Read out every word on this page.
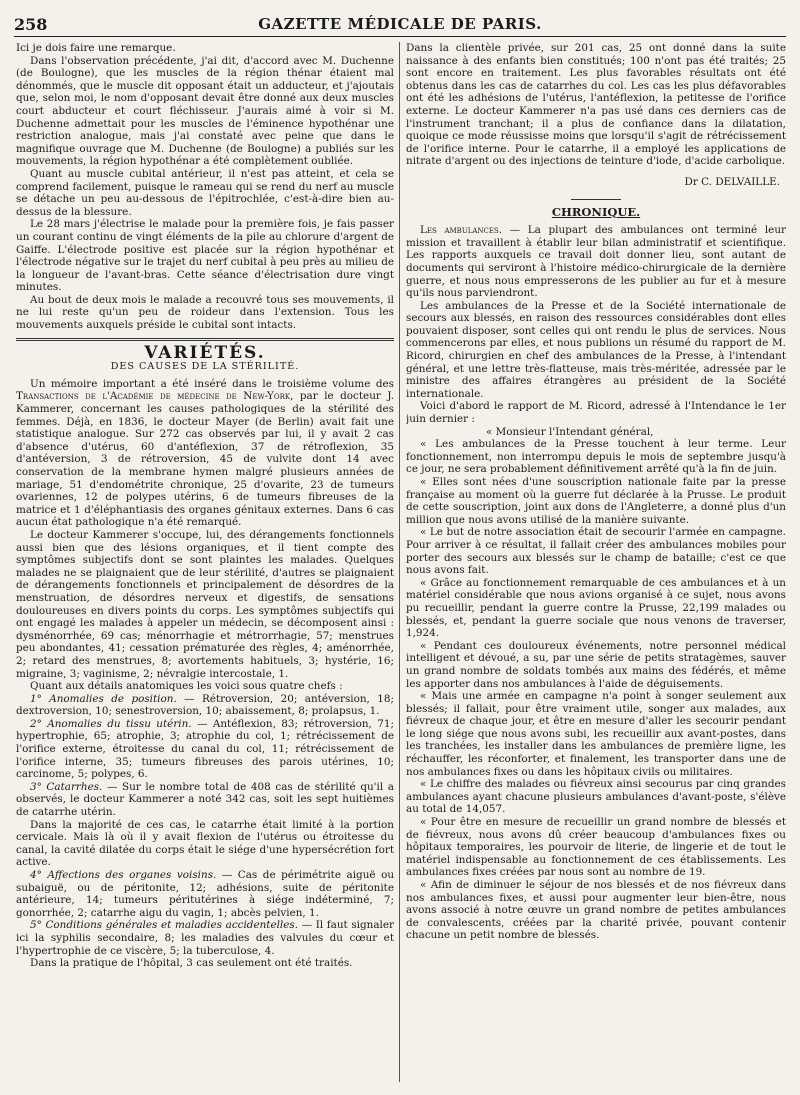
258	GAZETTE MÉDICALE DE PARIS.

Ici je dois faire une remarque.

Dans l'observation précédente, j'ai dit, d'accord avec M. Duchenne (de Boulogne), que les muscles de la région thénar étaient mal dénommés, que le muscle dit opposant était un adducteur, et j'ajoutais que, selon moi, le nom d'opposant devait être donné aux deux muscles court abducteur et court fléchisseur. J'aurais aimé à voir si M. Duchenne admettait pour les muscles de l'éminence hypothénar une restriction analogue, mais j'ai constaté avec peine que dans le magnifique ouvrage que M. Duchenne (de Boulogne) a publiés sur les mouvements, la région hypothénar a été complètement oubliée.

Quant au muscle cubital antérieur, il n'est pas atteint, et cela se comprend facilement, puisque le rameau qui se rend du nerf au muscle se détache un peu au-dessous de l'épitrochlée, c'est-à-dire bien au-dessus de la blessure.

Le 28 mars j'électrise le malade pour la première fois, je fais passer un courant continu de vingt éléments de la pile au chlorure d'argent de Gaiffe. L'électrode positive est placée sur la région hypothénar et l'électrode négative sur le trajet du nerf cubital à peu près au milieu de la longueur de l'avant-bras. Cette séance d'électrisation dure vingt minutes.

Au bout de deux mois le malade a recouvré tous ses mouvements, il ne lui reste qu'un peu de roideur dans l'extension. Tous les mouvements auxquels préside le cubital sont intacts.

VARIÉTÉS.
DES CAUSES DE LA STÉRILITÉ.

Un mémoire important a été inséré dans le troisième volume des Transactions de l'Académie de médecine de New-York, par le docteur J. Kammerer, concernant les causes pathologiques de la stérilité des femmes. Déjà, en 1836, le docteur Mayer (de Berlin) avait fait une statistique analogue. Sur 272 cas observés par lui, il y avait 2 cas d'absence d'utérus, 60 d'antéflexion, 37 de rétroflexion, 35 d'antéversion, 3 de rétroversion, 45 de vulvite dont 14 avec conservation de la membrane hymen malgré plusieurs années de mariage, 51 d'endométrite chronique, 25 d'ovarite, 23 de tumeurs ovariennes, 12 de polypes utérins, 6 de tumeurs fibreuses de la matrice et 1 d'éléphantiasis des organes génitaux externes. Dans 6 cas aucun état pathologique n'a été remarqué.

Le docteur Kammerer s'occupe, lui, des dérangements fonctionnels aussi bien que des lésions organiques, et il tient compte des symptômes subjectifs dont se sont plaintes les malades. Quelques malades ne se plaignaient que de leur stérilité, d'autres se plaignaient de dérangements fonctionnels et principalement de désordres de la menstruation, de désordres nerveux et digestifs, de sensations douloureuses en divers points du corps. Les symptômes subjectifs qui ont engagé les malades à appeler un médecin, se décomposent ainsi : dysménorrhée, 69 cas; ménorrhagie et métrorrhagie, 57; menstrues peu abondantes, 41; cessation prématurée des règles, 4; aménorrhée, 2; retard des menstrues, 8; avortements habituels, 3; hystérie, 16; migraine, 3; vaginisme, 2; névralgie intercostale, 1.

Quant aux détails anatomiques les voici sous quatre chefs :

1° Anomalies de position. — Rétroversion, 20; antéversion, 18; dextroversion, 10; senestroversion, 10; abaissement, 8; prolapsus, 1.

2° Anomalies du tissu utérin. — Antéflexion, 83; rétroversion, 71; hypertrophie, 65; atrophie, 3; atrophie du col, 1; rétrécissement de l'orifice externe, étroitesse du canal du col, 11; rétrécissement de l'orifice interne, 35; tumeurs fibreuses des parois utérines, 10; carcinome, 5; polypes, 6.

3° Catarrhes. — Sur le nombre total de 408 cas de stérilité qu'il a observés, le docteur Kammerer a noté 342 cas, soit les sept huitièmes de catarrhe utérin.

Dans la majorité de ces cas, le catarrhe était limité à la portion cervicale. Mais là où il y avait flexion de l'utérus ou étroitesse du canal, la cavité dilatée du corps était le siége d'une hypersécrétion fort active.

4° Affections des organes voisins. — Cas de périmétrite aiguë ou subaiguë, ou de péritonite, 12; adhésions, suite de péritonite antérieure, 14; tumeurs péritutérines à siége indéterminé, 7; gonorrhée, 2; catarrhe aigu du vagin, 1; abcès pelvien, 1.

5° Conditions générales et maladies accidentelles. — Il faut signaler ici la syphilis secondaire, 8; les maladies des valvules du cœur et l'hypertrophie de ce viscère, 5; la tuberculose, 4.

Dans la pratique de l'hôpital, 3 cas seulement ont été traités.

Dans la clientèle privée, sur 201 cas, 25 ont donné dans la suite naissance à des enfants bien constitués; 100 n'ont pas été traités; 25 sont encore en traitement. Les plus favorables résultats ont été obtenus dans les cas de catarrhes du col. Les cas les plus défavorables ont été les adhésions de l'utérus, l'antéflexion, la petitesse de l'orifice externe. Le docteur Kammerer n'a pas usé dans ces derniers cas de l'instrument tranchant; il a plus de confiance dans la dilatation, quoique ce mode réussisse moins que lorsqu'il s'agit de rétrécissement de l'orifice interne. Pour le catarrhe, il a employé les applications de nitrate d'argent ou des injections de teinture d'iode, d'acide carbolique.

Dr C. DELVAILLE.
CHRONIQUE.

Les ambulances. — La plupart des ambulances ont terminé leur mission et travaillent à établir leur bilan administratif et scientifique. Les rapports auxquels ce travail doit donner lieu, sont autant de documents qui serviront à l'histoire médico-chirurgicale de la dernière guerre, et nous nous empresserons de les publier au fur et à mesure qu'ils nous parviendront.

Les ambulances de la Presse et de la Société internationale de secours aux blessés, en raison des ressources considérables dont elles pouvaient disposer, sont celles qui ont rendu le plus de services. Nous commencerons par elles, et nous publions un résumé du rapport de M. Ricord, chirurgien en chef des ambulances de la Presse, à l'intendant général, et une lettre très-flatteuse, mais très-méritée, adressée par le ministre des affaires étrangères au président de la Société internationale.

Voici d'abord le rapport de M. Ricord, adressé à l'Intendance le 1er juin dernier :

« Monsieur l'Intendant général,

« Les ambulances de la Presse touchent à leur terme. Leur fonctionnement, non interrompu depuis le mois de septembre jusqu'à ce jour, ne sera probablement définitivement arrêté qu'à la fin de juin.

« Elles sont nées d'une souscription nationale faite par la presse française au moment où la guerre fut déclarée à la Prusse. Le produit de cette souscription, joint aux dons de l'Angleterre, a donné plus d'un million que nous avons utilisé de la manière suivante.

« Le but de notre association était de secourir l'armée en campagne. Pour arriver à ce résultat, il fallait créer des ambulances mobiles pour porter des secours aux blessés sur le champ de bataille; c'est ce que nous avons fait.

« Grâce au fonctionnement remarquable de ces ambulances et à un matériel considérable que nous avions organisé à ce sujet, nous avons pu recueillir, pendant la guerre contre la Prusse, 22,199 malades ou blessés, et, pendant la guerre sociale que nous venons de traverser, 1,924.

« Pendant ces douloureux événements, notre personnel médical intelligent et dévoué, a su, par une série de petits stratagèmes, sauver un grand nombre de soldats tombés aux mains des fédérés, et même les apporter dans nos ambulances à l'aide de déguisements.

« Mais une armée en campagne n'a point à songer seulement aux blessés; il fallait, pour être vraiment utile, songer aux malades, aux fiévreux de chaque jour, et être en mesure d'aller les secourir pendant le long siége que nous avons subi, les recueillir aux avant-postes, dans les tranchées, les installer dans les ambulances de première ligne, les réchauffer, les réconforter, et finalement, les transporter dans une de nos ambulances fixes ou dans les hôpitaux civils ou militaires.

« Le chiffre des malades ou fiévreux ainsi secourus par cinq grandes ambulances ayant chacune plusieurs ambulances d'avant-poste, s'élève au total de 14,057.

« Pour être en mesure de recueillir un grand nombre de blessés et de fiévreux, nous avons dû créer beaucoup d'ambulances fixes ou hôpitaux temporaires, les pourvoir de literie, de lingerie et de tout le matériel indispensable au fonctionnement de ces établissements. Les ambulances fixes créées par nous sont au nombre de 19.

« Afin de diminuer le séjour de nos blessés et de nos fiévreux dans nos ambulances fixes, et aussi pour augmenter leur bien-être, nous avons associé à notre œuvre un grand nombre de petites ambulances de convalescents, créées par la charité privée, pouvant contenir chacune un petit nombre de blessés.
